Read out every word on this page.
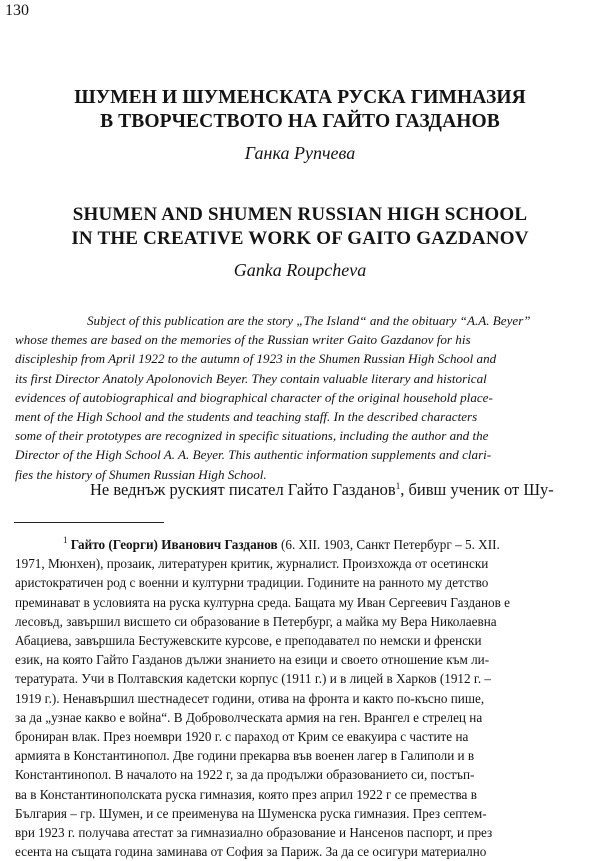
130
ШУМЕН И ШУМЕНСКАТА РУСКА ГИМНАЗИЯ
В ТВОРЧЕСТВОТО НА ГАЙТО ГАЗДАНОВ
Ганка Рупчева
SHUMEN AND SHUMEN RUSSIAN HIGH SCHOOL
IN THE CREATIVE WORK OF GAITO GAZDANOV
Ganka Roupcheva
Subject of this publication are the story „The Island“ and the obituary “A.A. Beyer”
whose themes are based on the memories of the Russian writer Gaito Gazdanov for his
discipleship from April 1922 to the autumn of 1923 in the Shumen Russian High School and
its first Director Anatoly Apolonovich Beyer. They contain valuable literary and historical
evidences of autobiographical and biographical character of the original household place-
ment of the High School and the students and teaching staff. In the described characters
some of their prototypes are recognized in specific situations, including the author and the
Director of the High School A. A. Beyer. This authentic information supplements and clari-
fies the history of Shumen Russian High School.
Не веднъж руският писател Гайто Газданов$^1$, бивш ученик от Шу-
$^1$ Гайто (Георги) Иванович Газданов (6. XII. 1903, Санкт Петербург – 5. XII.
1971, Мюнхен), прозаик, литературен критик, журналист. Произхожда от осетински
аристократичен род с военни и културни традиции. Годините на ранното му детство
преминават в условията на руска културна среда. Бащата му Иван Сергеевич Газданов е
лесовъд, завършил висшето си образование в Петербург, а майка му Вера Николаевна
Абациева, завършила Бестужевските курсове, е преподавател по немски и френски
език, на която Гайто Газданов дължи знанието на езици и своето отношение към ли-
тературата. Учи в Полтавския кадетски корпус (1911 г.) и в лицей в Харков (1912 г. –
1919 г.). Ненавършил шестнадесет години, отива на фронта и както по-късно пише,
за да „узнае какво е война“. В Доброволческата армия на ген. Врангел е стрелец на
брониран влак. През ноември 1920 г. с параход от Крим се евакуира с частите на
армията в Константинопол. Две години прекарва във военен лагер в Галиполи и в
Константинопол. В началото на 1922 г, за да продължи образованието си, постъп-
ва в Константинополската руска гимназия, която през април 1922 г се премества в
България – гр. Шумен, и се преименува на Шуменска руска гимназия. През септем-
ври 1923 г. получава атестат за гимназиално образование и Нансенов паспорт, и през
есента на същата година заминава от София за Париж. За да се осигури материално
